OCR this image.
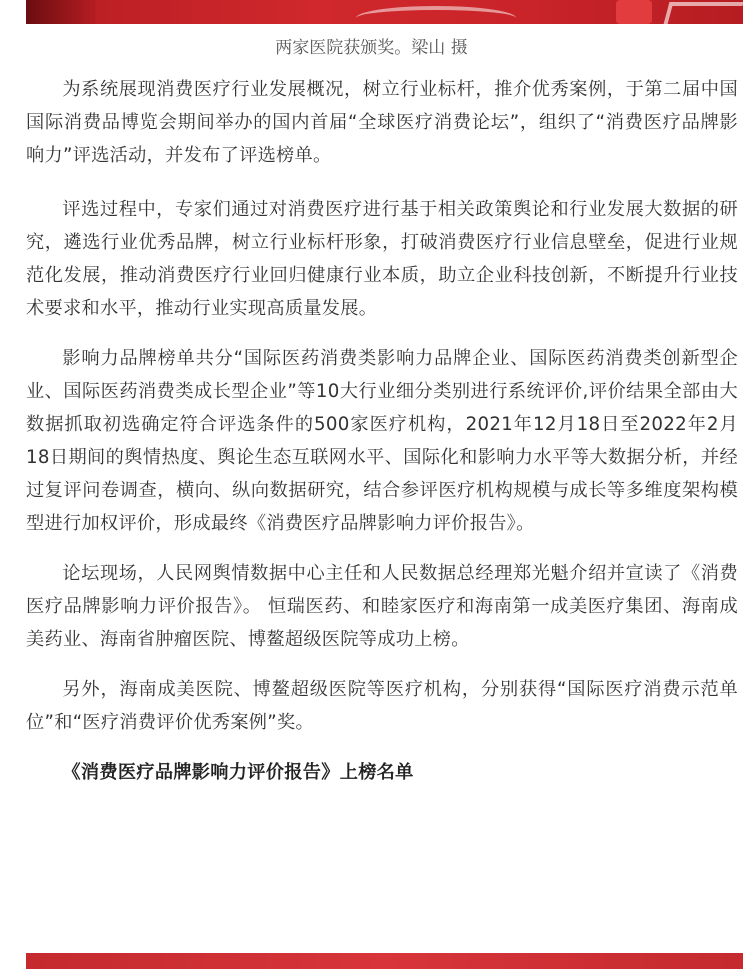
两家医院获颁奖。梁山 摄

为系统展现消费医疗行业发展概况，树立行业标杆，推介优秀案例，于第二届中国国际消费品博览会期间举办的国内首届“全球医疗消费论坛”，组织了“消费医疗品牌影响力”评选活动，并发布了评选榜单。

评选过程中，专家们通过对消费医疗进行基于相关政策舆论和行业发展大数据的研究，遴选行业优秀品牌，树立行业标杆形象，打破消费医疗行业信息壁垒，促进行业规范化发展，推动消费医疗行业回归健康行业本质，助立企业科技创新，不断提升行业技术要求和水平，推动行业实现高质量发展。

影响力品牌榜单共分“国际医药消费类影响力品牌企业、国际医药消费类创新型企业、国际医药消费类成长型企业”等10大行业细分类别进行系统评价,评价结果全部由大数据抓取初选确定符合评选条件的500家医疗机构，2021年12月18日至2022年2月18日期间的舆情热度、舆论生态互联网水平、国际化和影响力水平等大数据分析，并经过复评问卷调查，横向、纵向数据研究，结合参评医疗机构规模与成长等多维度架构模型进行加权评价，形成最终《消费医疗品牌影响力评价报告》。

论坛现场，人民网舆情数据中心主任和人民数据总经理郑光魁介绍并宣读了《消费医疗品牌影响力评价报告》。 恒瑞医药、和睦家医疗和海南第一成美医疗集团、海南成美药业、海南省肿瘤医院、博鳌超级医院等成功上榜。

另外，海南成美医院、博鳌超级医院等医疗机构，分别获得“国际医疗消费示范单位”和“医疗消费评价优秀案例”奖。

《消费医疗品牌影响力评价报告》上榜名单
